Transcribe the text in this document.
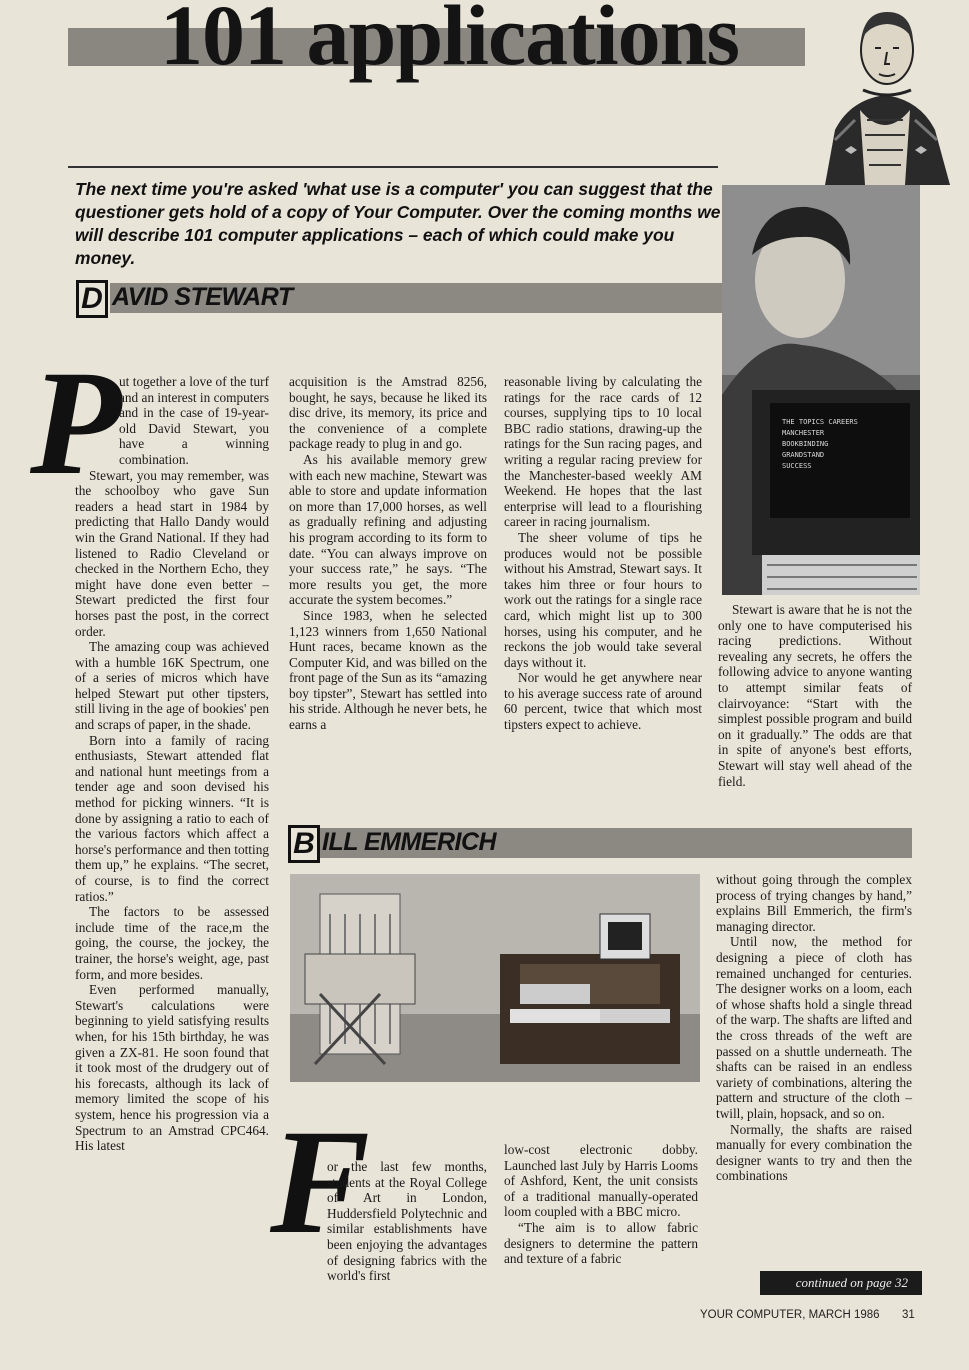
101 applications
The next time you're asked 'what use is a computer' you can suggest that the questioner gets hold of a copy of Your Computer. Over the coming months we will describe 101 computer applications – each of which could make you money.
D AVID STEWART
THE TOPICS CAREERS
MANCHESTER
BOOKBINDING
GRANDSTAND
SUCCESS
P

ut together a love of the turf and an interest in computers and in the case of 19-year-old David Stewart, you have a winning combination.

Stewart, you may remember, was the schoolboy who gave Sun readers a head start in 1984 by predicting that Hallo Dandy would win the Grand National. If they had listened to Radio Cleveland or checked in the Northern Echo, they might have done even better – Stewart predicted the first four horses past the post, in the correct order.

The amazing coup was achieved with a humble 16K Spectrum, one of a series of micros which have helped Stewart put other tipsters, still living in the age of bookies' pen and scraps of paper, in the shade.

Born into a family of racing enthusiasts, Stewart attended flat and national hunt meetings from a tender age and soon devised his method for picking winners. “It is done by assigning a ratio to each of the various factors which affect a horse's performance and then totting them up,” he explains. “The secret, of course, is to find the correct ratios.”

The factors to be assessed include time of the race,m the going, the course, the jockey, the trainer, the horse's weight, age, past form, and more besides.

Even performed manually, Stewart's calculations were beginning to yield satisfying results when, for his 15th birthday, he was given a ZX-81. He soon found that it took most of the drudgery out of his forecasts, although its lack of memory limited the scope of his system, hence his progression via a Spectrum to an Amstrad CPC464. His latest

acquisition is the Amstrad 8256, bought, he says, because he liked its disc drive, its memory, its price and the convenience of a complete package ready to plug in and go.

As his available memory grew with each new machine, Stewart was able to store and update information on more than 17,000 horses, as well as gradually refining and adjusting his program according to its form to date. “You can always improve on your success rate,” he says. “The more results you get, the more accurate the system becomes.”

Since 1983, when he selected 1,123 winners from 1,650 National Hunt races, became known as the Computer Kid, and was billed on the front page of the Sun as its “amazing boy tipster”, Stewart has settled into his stride. Although he never bets, he earns a

reasonable living by calculating the ratings for the race cards of 12 courses, supplying tips to 10 local BBC radio stations, drawing-up the ratings for the Sun racing pages, and writing a regular racing preview for the Manchester-based weekly AM Weekend. He hopes that the last enterprise will lead to a flourishing career in racing journalism.

The sheer volume of tips he produces would not be possible without his Amstrad, Stewart says. It takes him three or four hours to work out the ratings for a single race card, which might list up to 300 horses, using his computer, and he reckons the job would take several days without it.

Nor would he get anywhere near to his average success rate of around 60 percent, twice that which most tipsters expect to achieve.

Stewart is aware that he is not the only one to have computerised his racing predictions. Without revealing any secrets, he offers the following advice to anyone wanting to attempt similar feats of clairvoyance: “Start with the simplest possible program and build on it gradually.” The odds are that in spite of anyone's best efforts, Stewart will stay well ahead of the field.

B ILL EMMERICH
F

or the last few months, students at the Royal College of Art in London, Huddersfield Polytechnic and similar establishments have been enjoying the advantages of designing fabrics with the world's first

low-cost electronic dobby. Launched last July by Harris Looms of Ashford, Kent, the unit consists of a traditional manually-operated loom coupled with a BBC micro.

“The aim is to allow fabric designers to determine the pattern and texture of a fabric

without going through the complex process of trying changes by hand,” explains Bill Emmerich, the firm's managing director.

Until now, the method for designing a piece of cloth has remained unchanged for centuries. The designer works on a loom, each of whose shafts hold a single thread of the warp. The shafts are lifted and the cross threads of the weft are passed on a shuttle underneath. The shafts can be raised in an endless variety of combinations, altering the pattern and structure of the cloth – twill, plain, hopsack, and so on.

Normally, the shafts are raised manually for every combination the designer wants to try and then the combinations

continued on page 32
YOUR COMPUTER, MARCH 1986 31
